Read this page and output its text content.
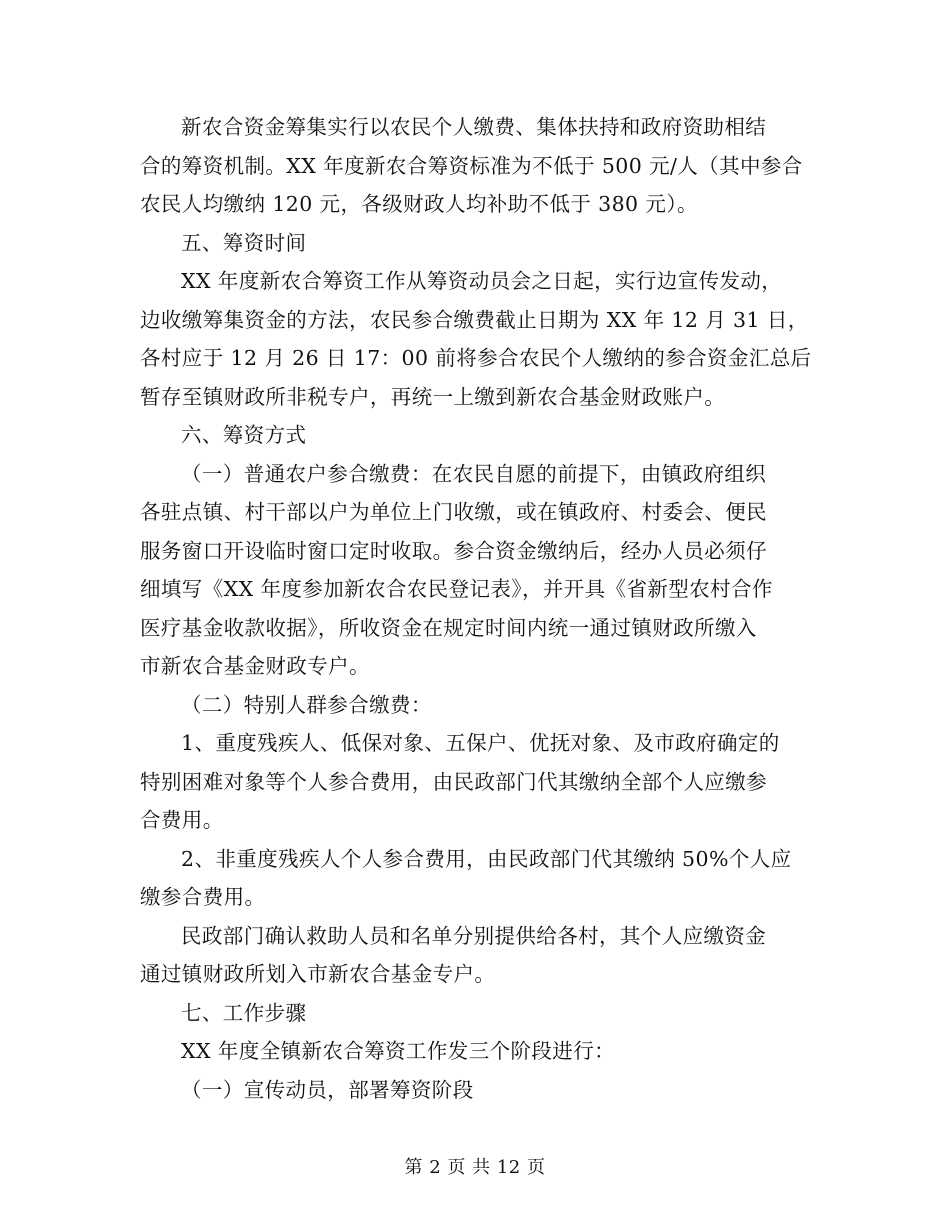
新农合资金筹集实行以农民个人缴费、集体扶持和政府资助相结
合的筹资机制。XX 年度新农合筹资标准为不低于 500 元/人（其中参合
农民人均缴纳 120 元，各级财政人均补助不低于 380 元）。

五、筹资时间

XX 年度新农合筹资工作从筹资动员会之日起，实行边宣传发动，
边收缴筹集资金的方法，农民参合缴费截止日期为 XX 年 12 月 31 日，
各村应于 12 月 26 日 17：00 前将参合农民个人缴纳的参合资金汇总后
暂存至镇财政所非税专户，再统一上缴到新农合基金财政账户。

六、筹资方式

（一）普通农户参合缴费：在农民自愿的前提下，由镇政府组织
各驻点镇、村干部以户为单位上门收缴，或在镇政府、村委会、便民
服务窗口开设临时窗口定时收取。参合资金缴纳后，经办人员必须仔
细填写《XX 年度参加新农合农民登记表》，并开具《省新型农村合作
医疗基金收款收据》，所收资金在规定时间内统一通过镇财政所缴入
市新农合基金财政专户。

（二）特别人群参合缴费：

1、重度残疾人、低保对象、五保户、优抚对象、及市政府确定的
特别困难对象等个人参合费用，由民政部门代其缴纳全部个人应缴参
合费用。

2、非重度残疾人个人参合费用，由民政部门代其缴纳 50%个人应
缴参合费用。

民政部门确认救助人员和名单分别提供给各村，其个人应缴资金
通过镇财政所划入市新农合基金专户。

七、工作步骤

XX 年度全镇新农合筹资工作发三个阶段进行：

（一）宣传动员，部署筹资阶段

第 2 页 共 12 页
